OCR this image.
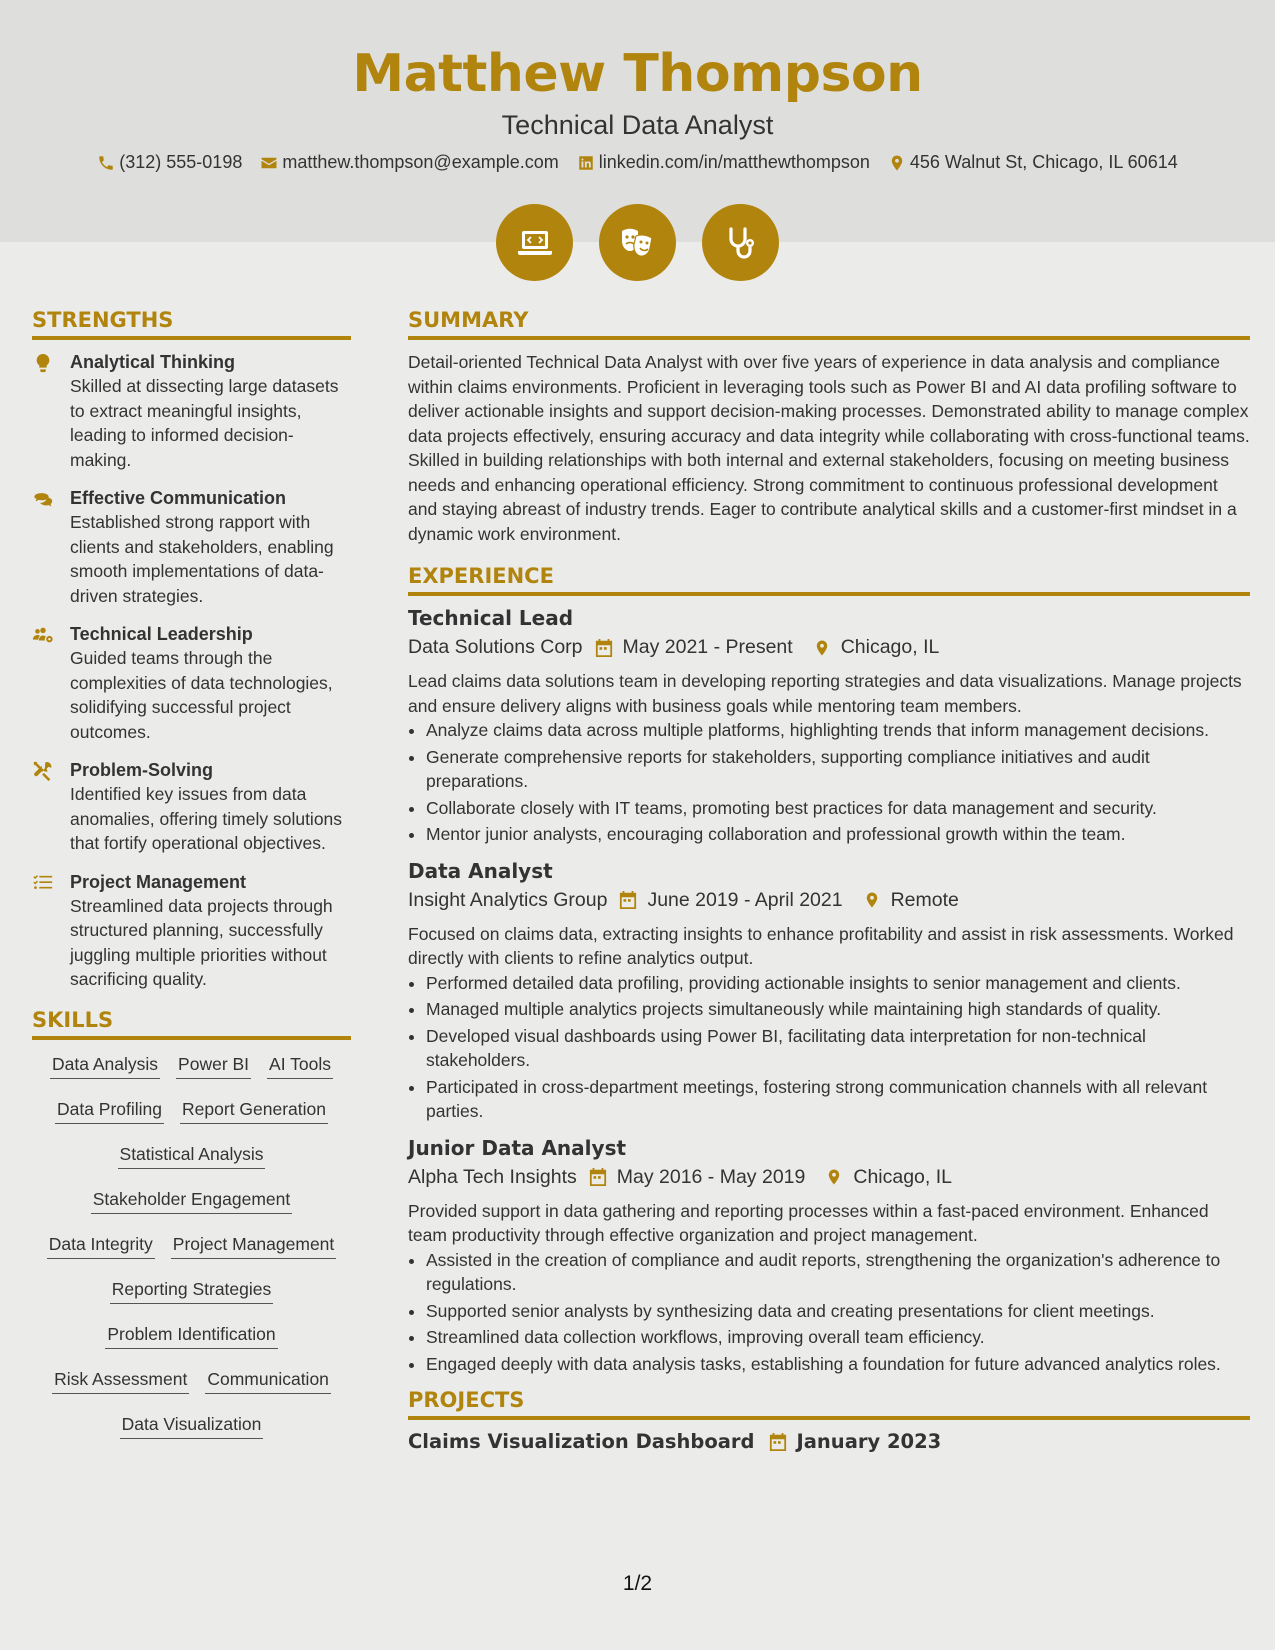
Matthew Thompson
Technical Data Analyst
(312) 555-0198 matthew.thompson@example.com linkedin.com/in/matthewthompson 456 Walnut St, Chicago, IL 60614
STRENGTHS
Analytical Thinking
Skilled at dissecting large datasets to extract meaningful insights, leading to informed decision-making.
Effective Communication
Established strong rapport with clients and stakeholders, enabling smooth implementations of data-driven strategies.
Technical Leadership
Guided teams through the complexities of data technologies, solidifying successful project outcomes.
Problem-Solving
Identified key issues from data anomalies, offering timely solutions that fortify operational objectives.
Project Management
Streamlined data projects through structured planning, successfully juggling multiple priorities without sacrificing quality.
SKILLS
Data Analysis Power BI AI Tools
Data Profiling Report Generation
Statistical Analysis
Stakeholder Engagement
Data Integrity Project Management
Reporting Strategies
Problem Identification
Risk Assessment Communication
Data Visualization
SUMMARY
Detail-oriented Technical Data Analyst with over five years of experience in data analysis and compliance within claims environments. Proficient in leveraging tools such as Power BI and AI data profiling software to deliver actionable insights and support decision-making processes. Demonstrated ability to manage complex data projects effectively, ensuring accuracy and data integrity while collaborating with cross-functional teams. Skilled in building relationships with both internal and external stakeholders, focusing on meeting business needs and enhancing operational efficiency. Strong commitment to continuous professional development and staying abreast of industry trends. Eager to contribute analytical skills and a customer-first mindset in a dynamic work environment.
EXPERIENCE
Technical Lead
Data Solutions Corp May 2021 - Present Chicago, IL
Lead claims data solutions team in developing reporting strategies and data visualizations. Manage projects and ensure delivery aligns with business goals while mentoring team members.
• Analyze claims data across multiple platforms, highlighting trends that inform management decisions.
• Generate comprehensive reports for stakeholders, supporting compliance initiatives and audit preparations.
• Collaborate closely with IT teams, promoting best practices for data management and security.
• Mentor junior analysts, encouraging collaboration and professional growth within the team.
Data Analyst
Insight Analytics Group June 2019 - April 2021 Remote
Focused on claims data, extracting insights to enhance profitability and assist in risk assessments. Worked directly with clients to refine analytics output.
• Performed detailed data profiling, providing actionable insights to senior management and clients.
• Managed multiple analytics projects simultaneously while maintaining high standards of quality.
• Developed visual dashboards using Power BI, facilitating data interpretation for non-technical stakeholders.
• Participated in cross-department meetings, fostering strong communication channels with all relevant parties.
Junior Data Analyst
Alpha Tech Insights May 2016 - May 2019 Chicago, IL
Provided support in data gathering and reporting processes within a fast-paced environment. Enhanced team productivity through effective organization and project management.
• Assisted in the creation of compliance and audit reports, strengthening the organization's adherence to regulations.
• Supported senior analysts by synthesizing data and creating presentations for client meetings.
• Streamlined data collection workflows, improving overall team efficiency.
• Engaged deeply with data analysis tasks, establishing a foundation for future advanced analytics roles.
PROJECTS
Claims Visualization Dashboard January 2023
1/2
